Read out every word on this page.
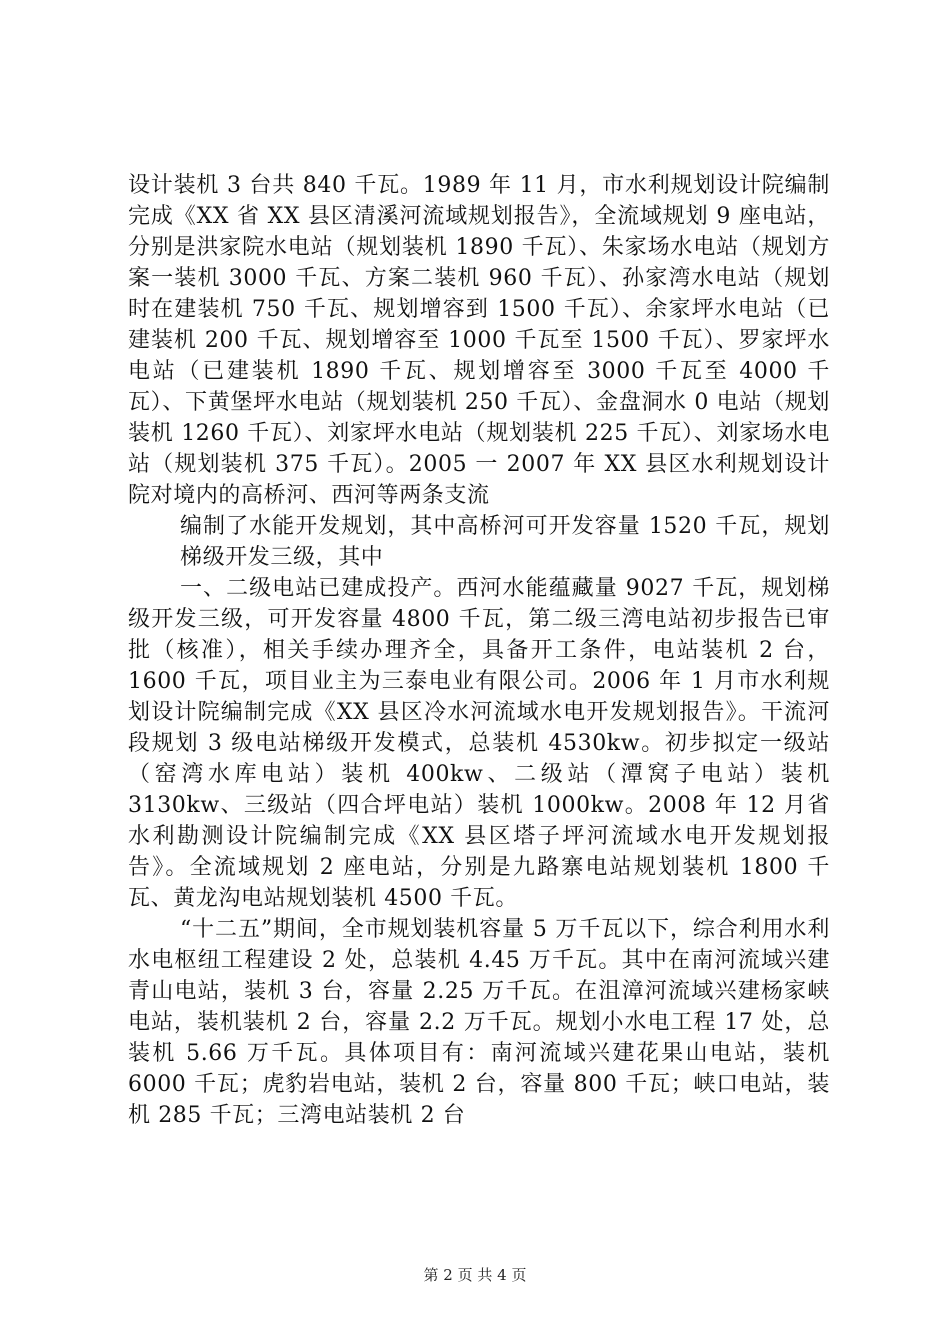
设计装机 3 台共 840 千瓦。1989 年 11 月，市水利规划设计院编制完成《XX 省 XX 县区清溪河流域规划报告》，全流域规划 9 座电站，分别是洪家院水电站（规划装机 1890 千瓦）、朱家场水电站（规划方案一装机 3000 千瓦、方案二装机 960 千瓦）、孙家湾水电站（规划时在建装机 750 千瓦、规划增容到 1500 千瓦）、余家坪水电站（已建装机 200 千瓦、规划增容至 1000 千瓦至 1500 千瓦）、罗家坪水电站（已建装机 1890 千瓦、规划增容至 3000 千瓦至 4000 千瓦）、下黄堡坪水电站（规划装机 250 千瓦）、金盘洞水 0 电站（规划装机 1260 千瓦）、刘家坪水电站（规划装机 225 千瓦）、刘家场水电站（规划装机 375 千瓦）。2005 一 2007 年 XX 县区水利规划设计院对境内的高桥河、西河等两条支流

编制了水能开发规划，其中高桥河可开发容量 1520 千瓦，规划梯级开发三级，其中

一、二级电站已建成投产。西河水能蕴藏量 9027 千瓦，规划梯级开发三级，可开发容量 4800 千瓦，第二级三湾电站初步报告已审批（核准），相关手续办理齐全，具备开工条件，电站装机 2 台，1600 千瓦，项目业主为三泰电业有限公司。2006 年 1 月市水利规划设计院编制完成《XX 县区冷水河流域水电开发规划报告》。干流河段规划 3 级电站梯级开发模式，总装机 4530kw。初步拟定一级站（窑湾水库电站）装机 400kw、二级站（潭窝子电站）装机 3130kw、三级站（四合坪电站）装机 1000kw。2008 年 12 月省水利勘测设计院编制完成《XX 县区塔子坪河流域水电开发规划报告》。全流域规划 2 座电站，分别是九路寨电站规划装机 1800 千瓦、黄龙沟电站规划装机 4500 千瓦。

“十二五”期间，全市规划装机容量 5 万千瓦以下，综合利用水利水电枢纽工程建设 2 处，总装机 4.45 万千瓦。其中在南河流域兴建青山电站，装机 3 台，容量 2.25 万千瓦。在沮漳河流域兴建杨家峡电站，装机装机 2 台，容量 2.2 万千瓦。规划小水电工程 17 处，总装机 5.66 万千瓦。具体项目有：南河流域兴建花果山电站，装机 6000 千瓦；虎豹岩电站，装机 2 台，容量 800 千瓦；峡口电站，装机 285 千瓦；三湾电站装机 2 台

第 2 页 共 4 页
